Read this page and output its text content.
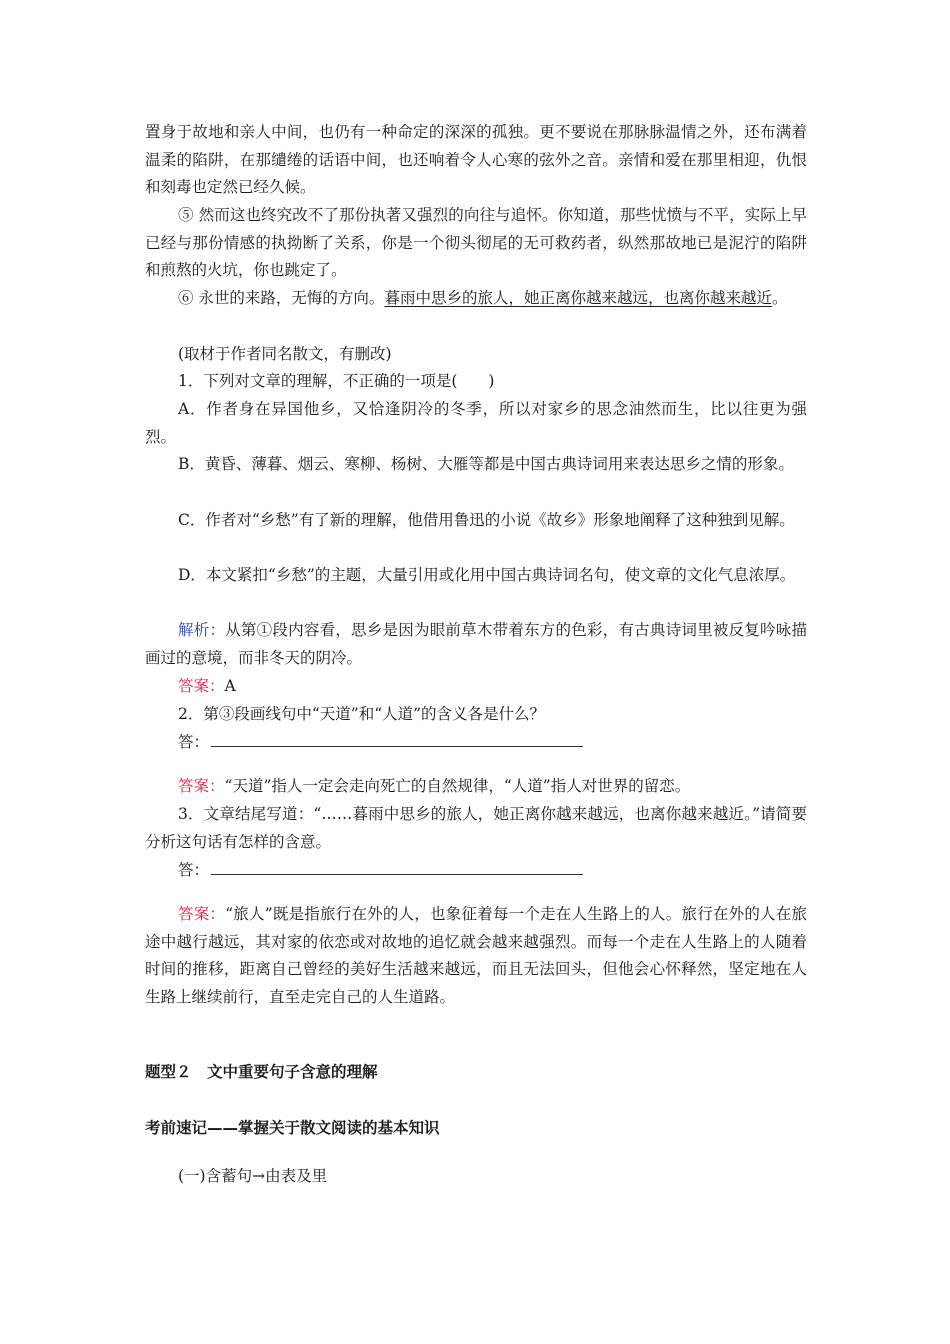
置身于故地和亲人中间，也仍有一种命定的深深的孤独。更不要说在那脉脉温情之外，还布满着温柔的陷阱，在那缱绻的话语中间，也还响着令人心寒的弦外之音。亲情和爱在那里相迎，仇恨和刻毒也定然已经久候。

⑤ 然而这也终究改不了那份执著又强烈的向往与追怀。你知道，那些忧愤与不平，实际上早已经与那份情感的执拗断了关系，你是一个彻头彻尾的无可救药者，纵然那故地已是泥泞的陷阱和煎熬的火坑，你也跳定了。

⑥ 永世的来路，无悔的方向。暮雨中思乡的旅人，她正离你越来越远，也离你越来越近。

(取材于作者同名散文，有删改)

1．下列对文章的理解，不正确的一项是(　　)

A．作者身在异国他乡，又恰逢阴冷的冬季，所以对家乡的思念油然而生，比以往更为强烈。

B．黄昏、薄暮、烟云、寒柳、杨树、大雁等都是中国古典诗词用来表达思乡之情的形象。

C．作者对“乡愁”有了新的理解，他借用鲁迅的小说《故乡》形象地阐释了这种独到见解。

D．本文紧扣“乡愁”的主题，大量引用或化用中国古典诗词名句，使文章的文化气息浓厚。

解析：从第①段内容看，思乡是因为眼前草木带着东方的色彩，有古典诗词里被反复吟咏描画过的意境，而非冬天的阴冷。

答案：A

2．第③段画线句中“天道”和“人道”的含义各是什么？

答：

答案：“天道”指人一定会走向死亡的自然规律，“人道”指人对世界的留恋。

3．文章结尾写道：“……暮雨中思乡的旅人，她正离你越来越远，也离你越来越近。”请简要分析这句话有怎样的含意。

答：

答案：“旅人”既是指旅行在外的人，也象征着每一个走在人生路上的人。旅行在外的人在旅途中越行越远，其对家的依恋或对故地的追忆就会越来越强烈。而每一个走在人生路上的人随着时间的推移，距离自己曾经的美好生活越来越远，而且无法回头，但他会心怀释然，坚定地在人生路上继续前行，直至走完自己的人生道路。

题型２　文中重要句子含意的理解

考前速记——掌握关于散文阅读的基本知识

(一)含蓄句→由表及里
